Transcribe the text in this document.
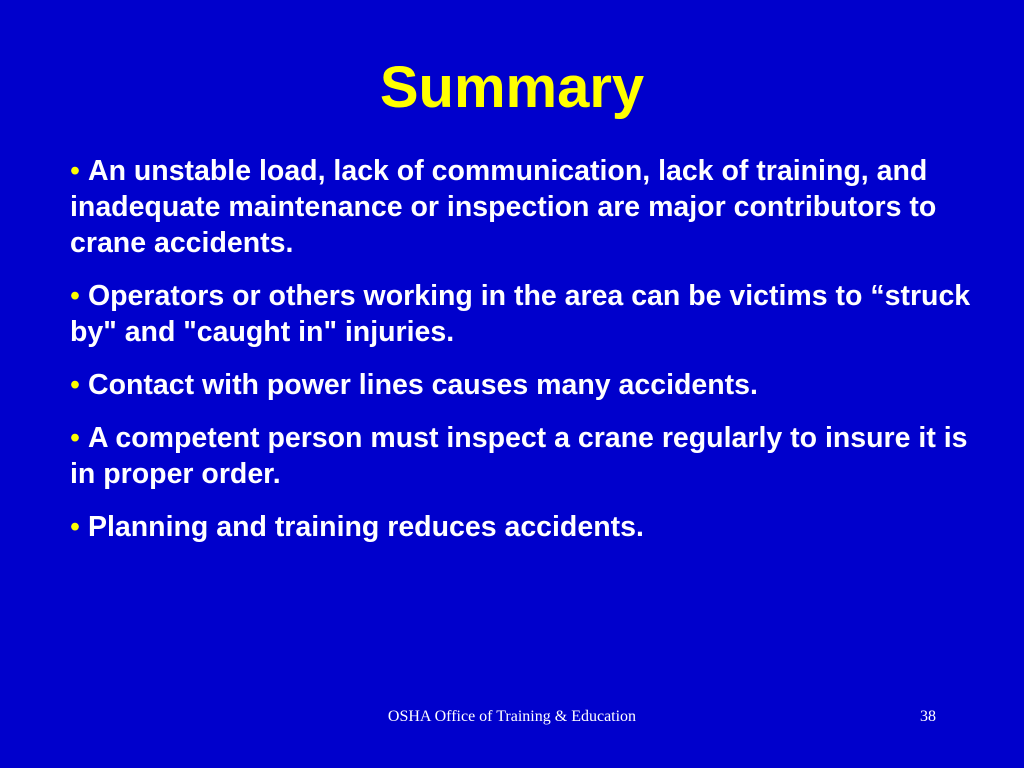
Summary
• An unstable load, lack of communication, lack of training, and inadequate maintenance or inspection are major contributors to crane accidents.
• Operators or others working in the area can be victims to “struck by" and "caught in" injuries.
• Contact with power lines causes many accidents.
• A competent person must inspect a crane regularly to insure it is in proper order.
• Planning and training reduces accidents.
OSHA Office of Training & Education	38
